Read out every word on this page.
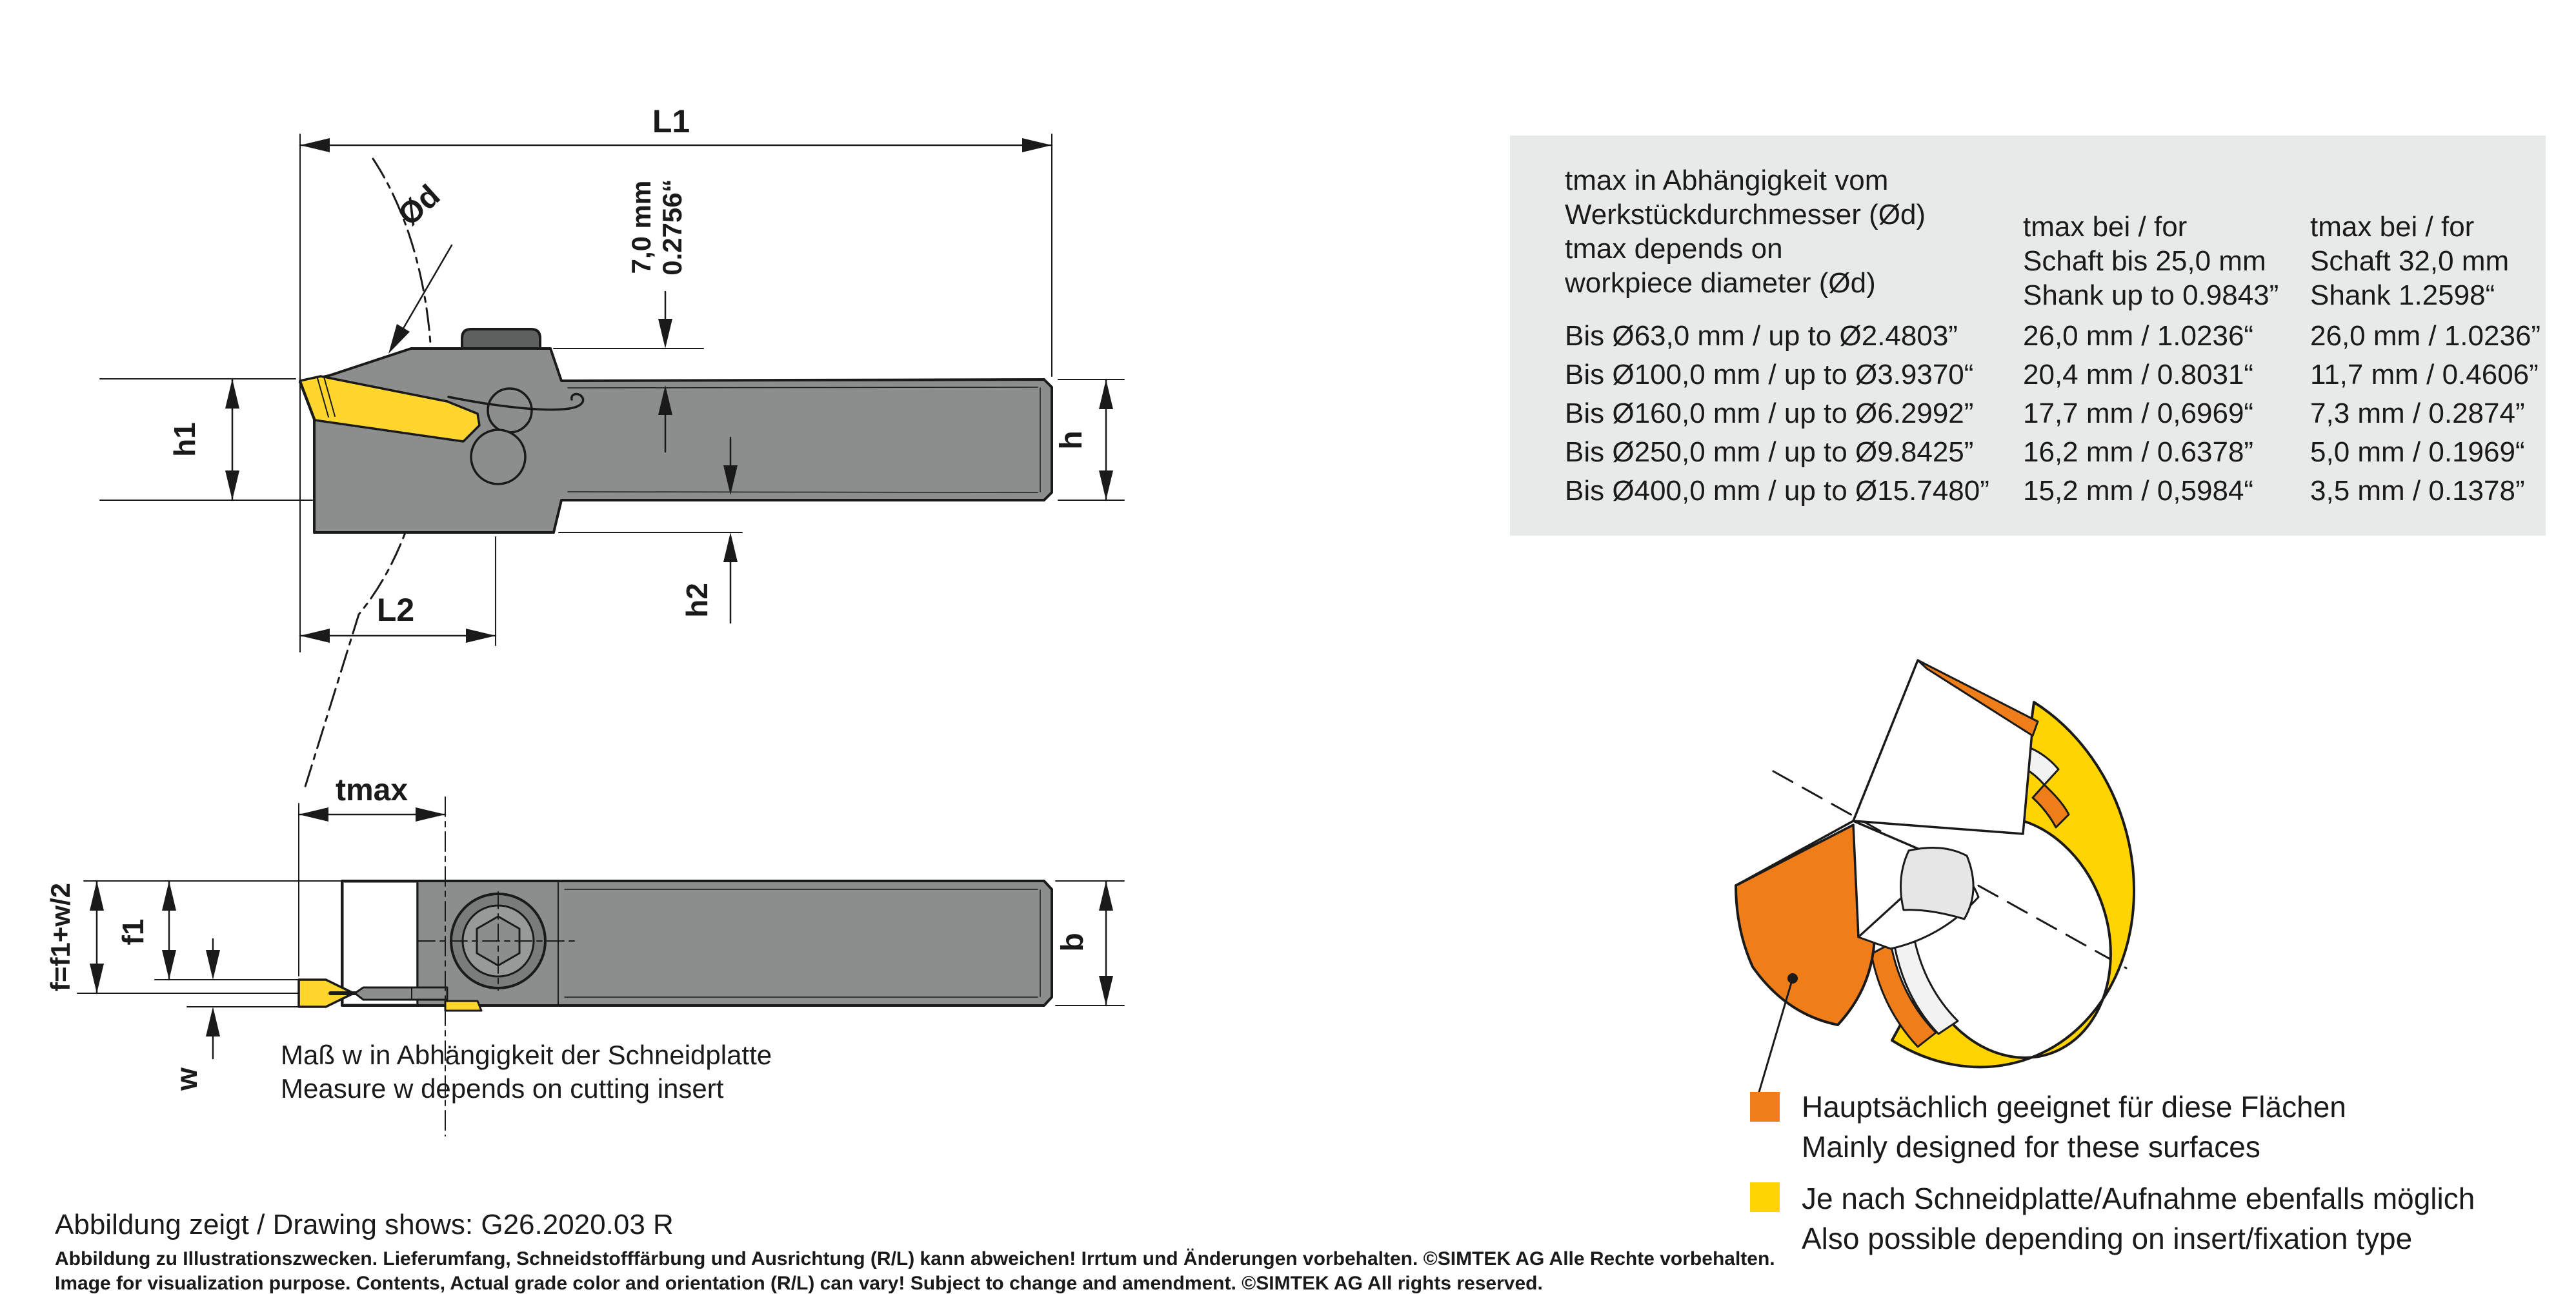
L1
L2
h1	h
7,0 mm 0.2756“
h2
Ød
tmax
f=f1+w/2 f1
w
b
tmax in Abhängigkeit vom
Werkstückdurchmesser (Ød)
tmax depends on
workpiece diameter (Ød)
tmax bei / for
Schaft bis 25,0 mm
Shank up to 0.9843”
tmax bei / for
Schaft 32,0 mm
Shank 1.2598“
Bis Ø63,0 mm / up to Ø2.4803” 26,0 mm / 1.0236“ 26,0 mm / 1.0236”
Bis Ø100,0 mm / up to Ø3.9370“ 20,4 mm / 0.8031“ 11,7 mm / 0.4606”
Bis Ø160,0 mm / up to Ø6.2992” 17,7 mm / 0,6969“ 7,3 mm / 0.2874”
Bis Ø250,0 mm / up to Ø9.8425” 16,2 mm / 0.6378” 5,0 mm / 0.1969“
Bis Ø400,0 mm / up to Ø15.7480” 15,2 mm / 0,5984“ 3,5 mm / 0.1378”
Maß w in Abhängigkeit der Schneidplatte
Measure w depends on cutting insert
Hauptsächlich geeignet für diese Flächen
Mainly designed for these surfaces
Je nach Schneidplatte/Aufnahme ebenfalls möglich
Also possible depending on insert/fixation type
Abbildung zeigt / Drawing shows: G26.2020.03 R
Abbildung zu Illustrationszwecken. Lieferumfang, Schneidstofffärbung und Ausrichtung (R/L) kann abweichen! Irrtum und Änderungen vorbehalten. ©SIMTEK AG Alle Rechte vorbehalten.
Image for visualization purpose. Contents, Actual grade color and orientation (R/L) can vary! Subject to change and amendment. ©SIMTEK AG All rights reserved.
